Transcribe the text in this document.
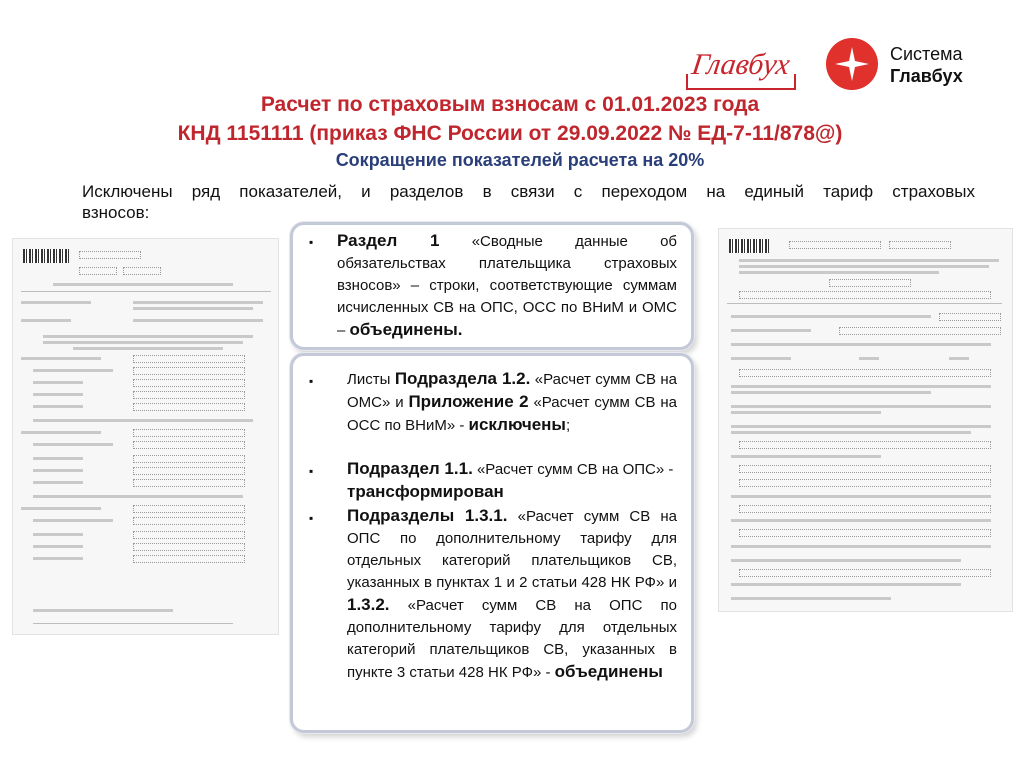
Главбух	Система
Главбух
Расчет по страховым взносам с 01.01.2023 года
КНД 1151111 (приказ ФНС России от 29.09.2022 № ЕД-7-11/878@)
Сокращение показателей расчета на 20%
Исключены ряд показателей, и разделов в связи с переходом на единый тариф страховых
взносов:
▪ Раздел 1 «Сводные данные об обязательствах плательщика страховых взносов» – строки, соответствующие суммам исчисленных СВ на ОПС, ОСС по ВНиМ и ОМС – объединены.
▪ Листы Подраздела 1.2. «Расчет сумм СВ на ОМС» и Приложение 2 «Расчет сумм СВ на ОСС по ВНиМ» - исключены;
▪ Подраздел 1.1. «Расчет сумм СВ на ОПС» - трансформирован
▪ Подразделы 1.3.1. «Расчет сумм СВ на ОПС по дополнительному тарифу для отдельных категорий плательщиков СВ, указанных в пунктах 1 и 2 статьи 428 НК РФ» и 1.3.2. «Расчет сумм СВ на ОПС по дополнительному тарифу для отдельных категорий плательщиков СВ, указанных в пункте 3 статьи 428 НК РФ» - объединены
